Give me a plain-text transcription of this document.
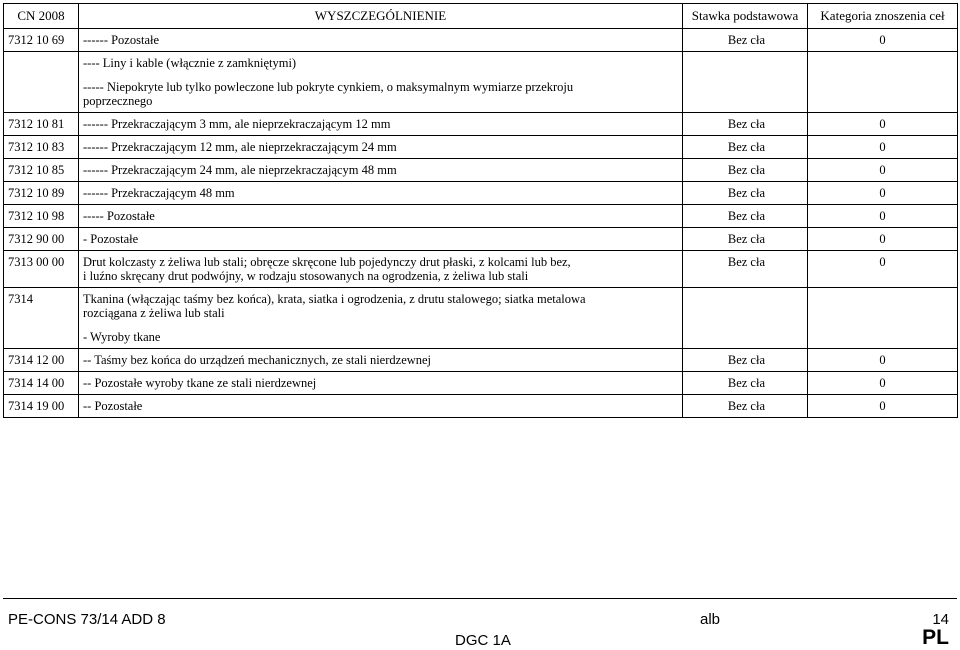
CN 2008	WYSZCZEGÓLNIENIE	Stawka podstawowa	Kategoria znoszenia ceł
7312 10 69	------ Pozostałe	Bez cła	0

	---- Liny i kable (włącznie z zamkniętymi)
----- Niepokryte lub tylko powleczone lub pokryte cynkiem, o maksymalnym wymiarze przekroju
poprzecznego		

7312 10 81	------ Przekraczającym 3 mm, ale nieprzekraczającym 12 mm	Bez cła	0
7312 10 83	------ Przekraczającym 12 mm, ale nieprzekraczającym 24 mm	Bez cła	0
7312 10 85	------ Przekraczającym 24 mm, ale nieprzekraczającym 48 mm	Bez cła	0
7312 10 89	------ Przekraczającym 48 mm	Bez cła	0
7312 10 98	----- Pozostałe	Bez cła	0
7312 90 00	- Pozostałe	Bez cła	0
7313 00 00	Drut kolczasty z żeliwa lub stali; obręcze skręcone lub pojedynczy drut płaski, z kolcami lub bez,
i luźno skręcany drut podwójny, w rodzaju stosowanych na ogrodzenia, z żeliwa lub stali	Bez cła	0
7314	Tkanina (włączając taśmy bez końca), krata, siatka i ogrodzenia, z drutu stalowego; siatka metalowa
rozciągana z żeliwa lub stali
- Wyroby tkane		

7314 12 00	-- Taśmy bez końca do urządzeń mechanicznych, ze stali nierdzewnej	Bez cła	0
7314 14 00	-- Pozostałe wyroby tkane ze stali nierdzewnej	Bez cła	0
7314 19 00	-- Pozostałe	Bez cła	0
PE-CONS 73/14 ADD 8	alb	14
DGC 1A	PL
